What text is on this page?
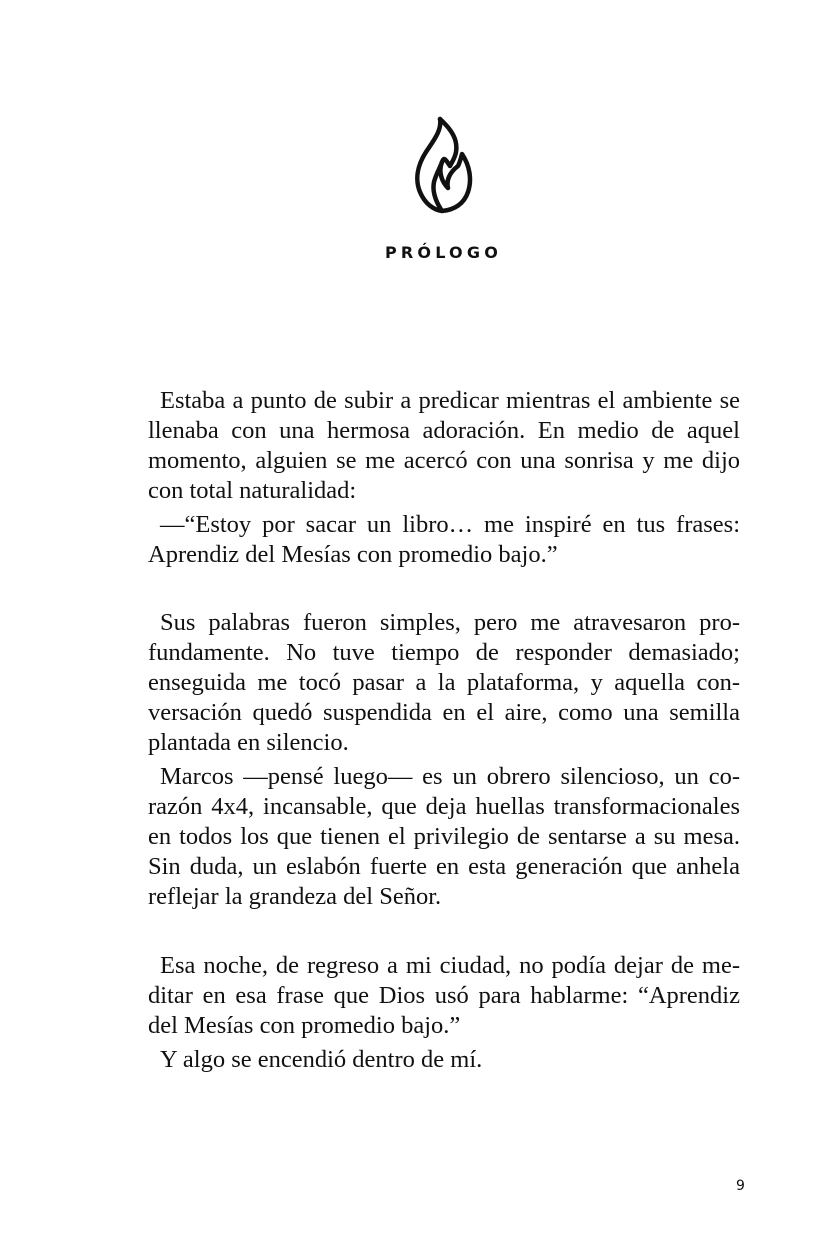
PRÓLOGO

Estaba a punto de subir a predicar mientras el ambiente se llenaba con una hermosa adoración. En medio de aquel momento, alguien se me acercó con una sonrisa y me dijo con total naturalidad:

—“Estoy por sacar un libro… me inspiré en tus frases: Aprendiz del Mesías con promedio bajo.”

Sus palabras fueron simples, pero me atravesaron profundamente. No tuve tiempo de responder demasiado; enseguida me tocó pasar a la plataforma, y aquella conversación quedó suspendida en el aire, como una semilla plantada en silencio.

Marcos —pensé luego— es un obrero silencioso, un corazón 4x4, incansable, que deja huellas transformacionales en todos los que tienen el privilegio de sentarse a su mesa. Sin duda, un eslabón fuerte en esta generación que anhela reflejar la grandeza del Señor.

Esa noche, de regreso a mi ciudad, no podía dejar de meditar en esa frase que Dios usó para hablarme: “Aprendiz del Mesías con promedio bajo.”

Y algo se encendió dentro de mí.

9
